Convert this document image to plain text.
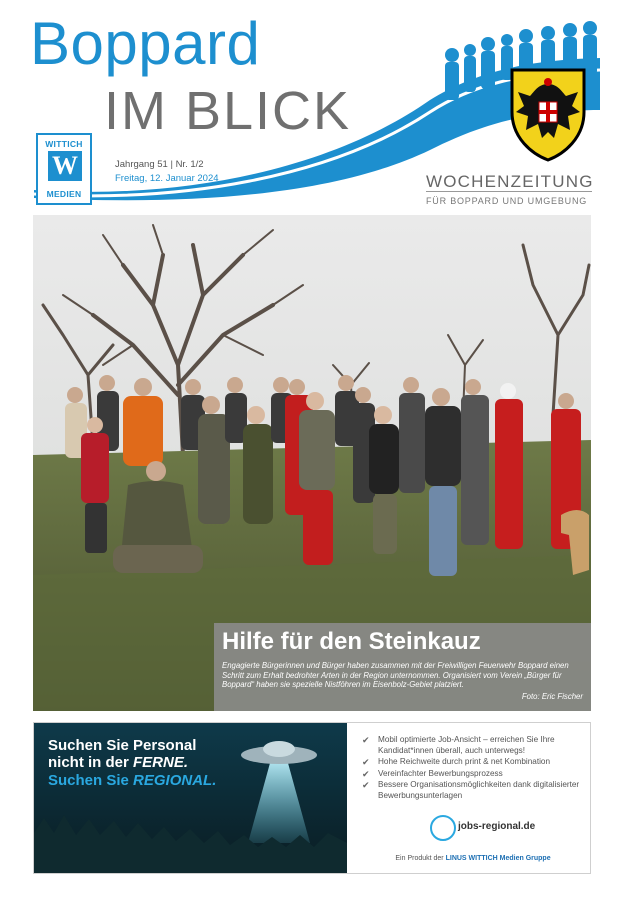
Boppard
IM BLICK
WITTICH
W
MEDIEN
Jahrgang 51 | Nr. 1/2
Freitag, 12. Januar 2024	WOCHENZEITUNG
FÜR BOPPARD UND UMGEBUNG
Hilfe für den Steinkauz
Engagierte Bürgerinnen und Bürger haben zusammen mit der Freiwilligen Feuerwehr Boppard einen Schritt zum Erhalt bedrohter Arten in der Region unternommen. Organisiert vom Verein „Bürger für Boppard“ haben sie spezielle Nistföhren im Eisenbolz-Gebiet platziert.
Foto: Eric Fischer
Suchen Sie Personal
nicht in der FERNE.
Suchen Sie REGIONAL.
✔ Mobil optimierte Job-Ansicht – erreichen Sie Ihre Kandidat*innen überall, auch unterwegs!
✔ Hohe Reichweite durch print & net Kombination
✔ Vereinfachter Bewerbungsprozess
✔ Bessere Organisationsmöglichkeiten dank digitalisierter Bewerbungsunterlagen
jobs-regional.de
Ein Produkt der LINUS WITTICH Medien Gruppe
